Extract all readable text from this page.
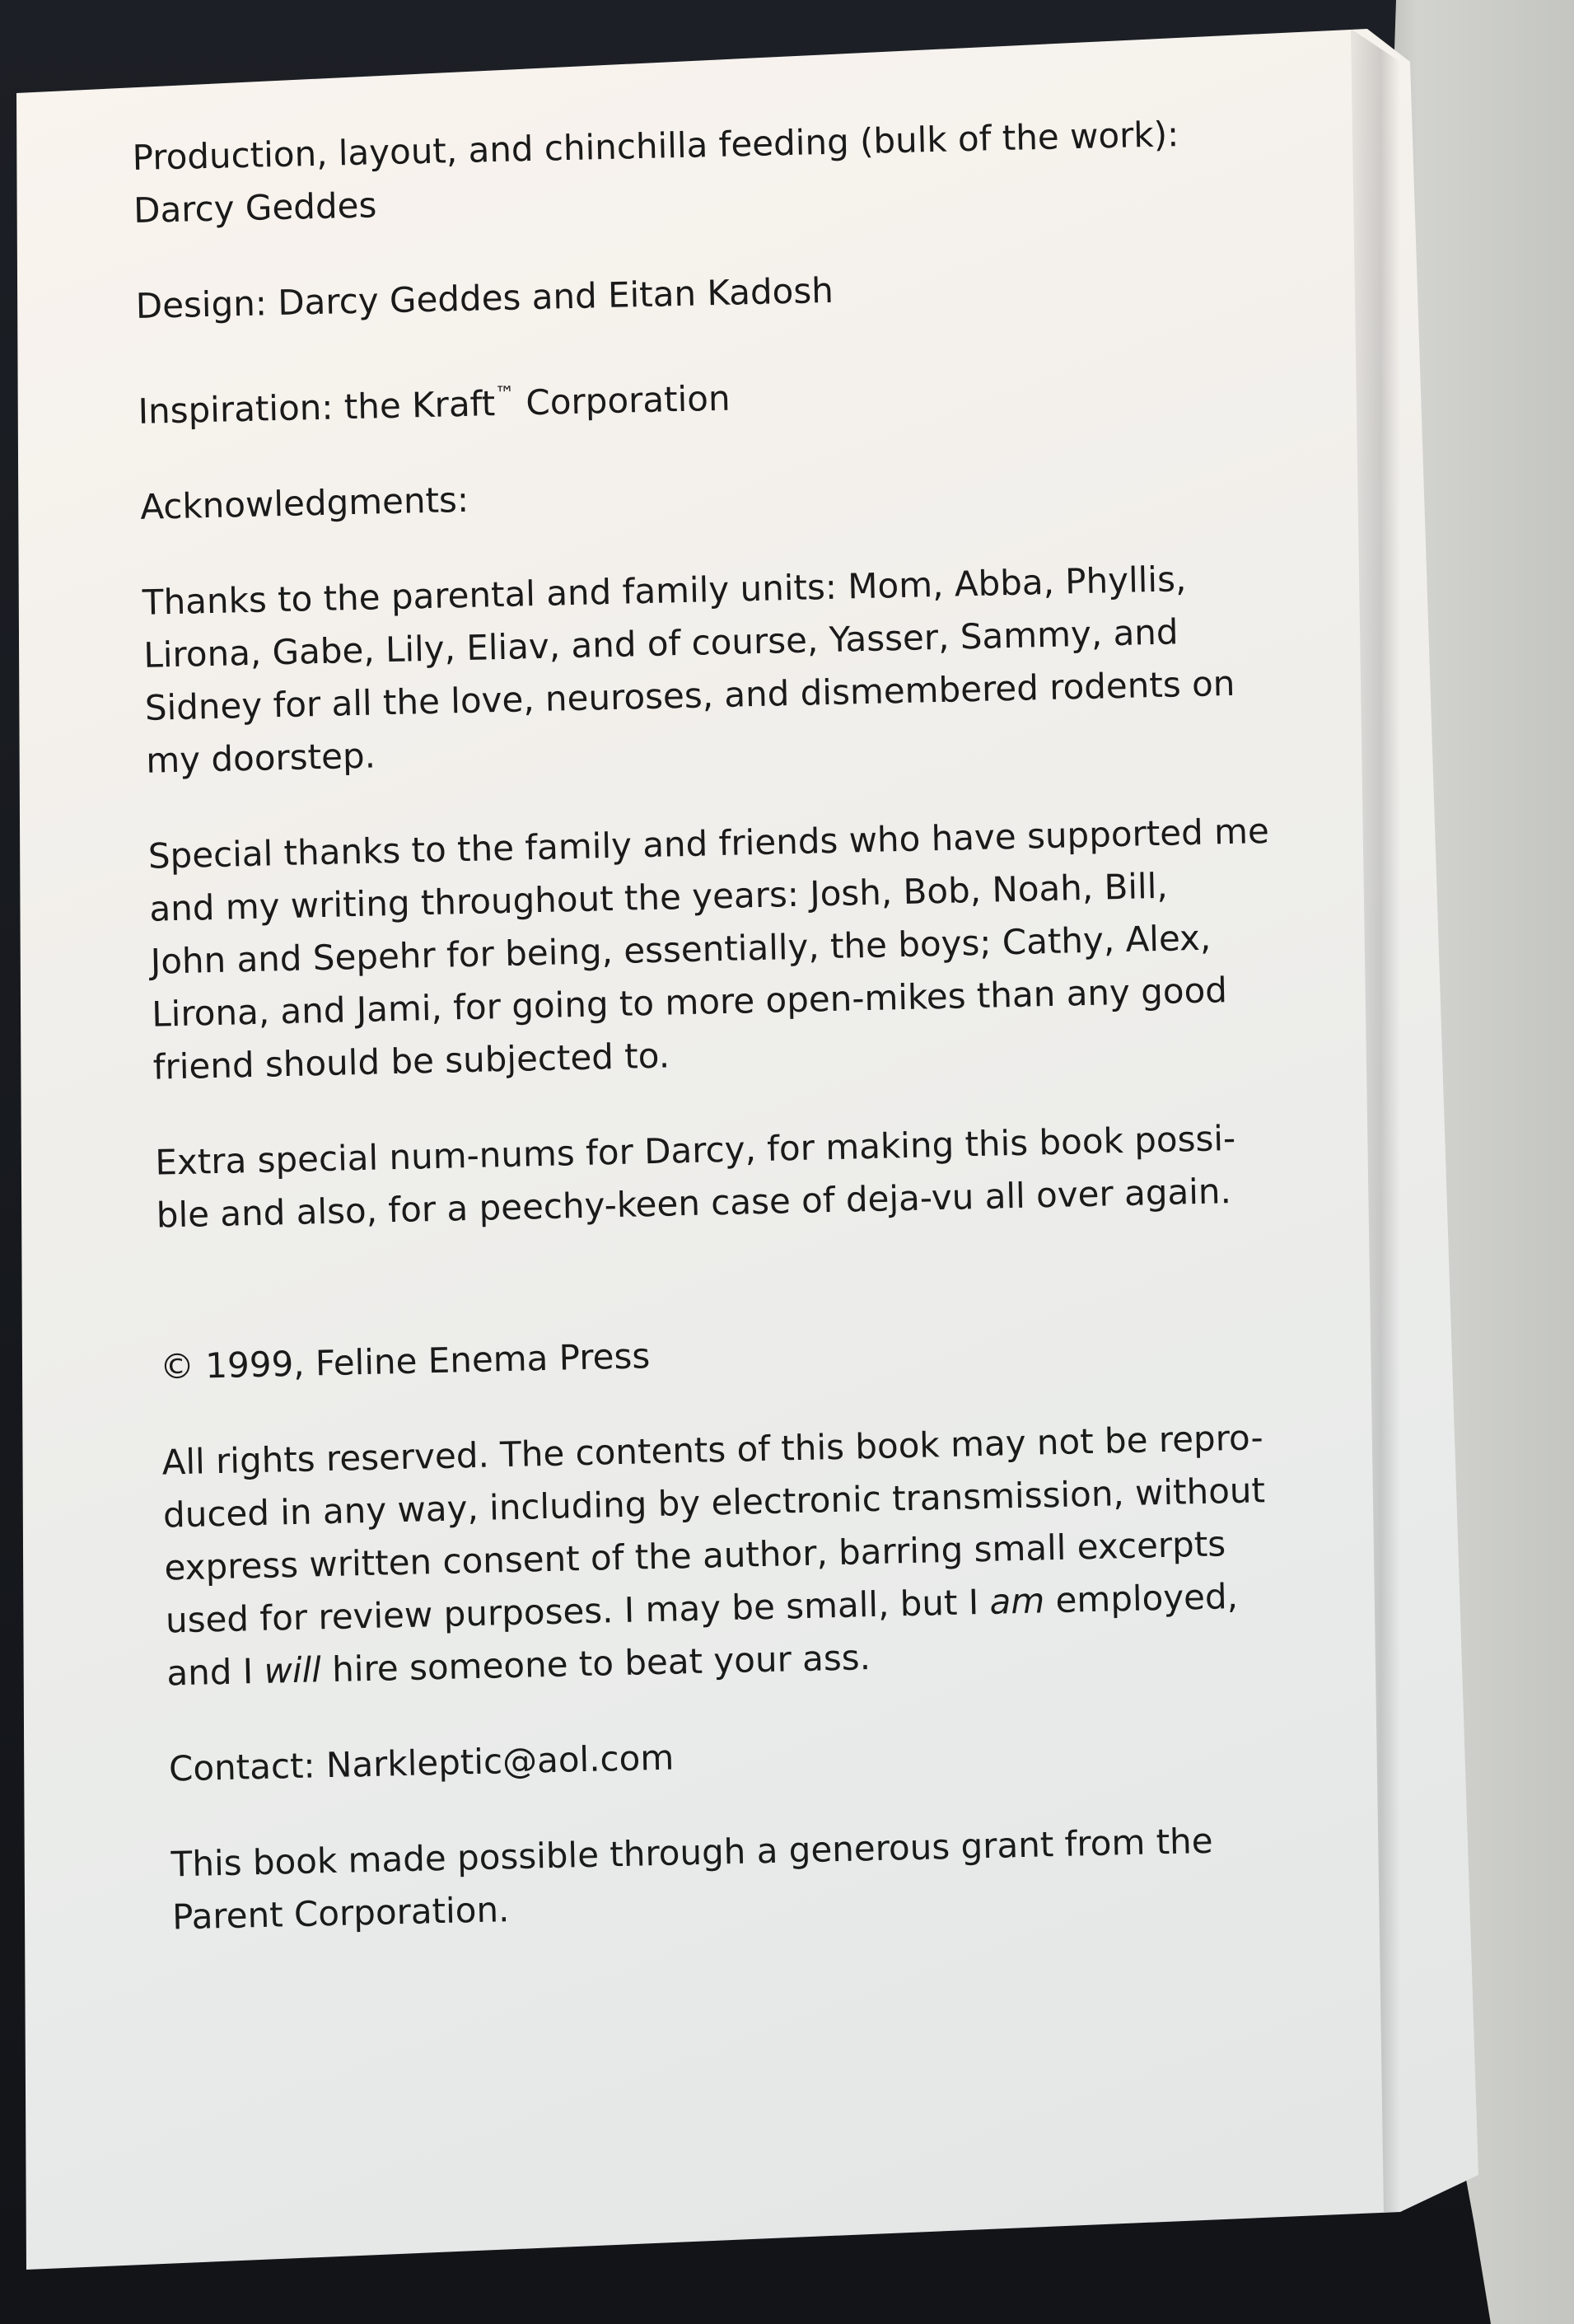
Production, layout, and chinchilla feeding (bulk of the work):
Darcy Geddes
Design: Darcy Geddes and Eitan Kadosh
Inspiration: the Kraft™ Corporation
Acknowledgments:
Thanks to the parental and family units: Mom, Abba, Phyllis,
Lirona, Gabe, Lily, Eliav, and of course, Yasser, Sammy, and
Sidney for all the love, neuroses, and dismembered rodents on
my doorstep.
Special thanks to the family and friends who have supported me
and my writing throughout the years: Josh, Bob, Noah, Bill,
John and Sepehr for being, essentially, the boys; Cathy, Alex,
Lirona, and Jami, for going to more open-mikes than any good
friend should be subjected to.
Extra special num-nums for Darcy, for making this book possi-
ble and also, for a peechy-keen case of deja-vu all over again.
© 1999, Feline Enema Press
All rights reserved. The contents of this book may not be repro-
duced in any way, including by electronic transmission, without
express written consent of the author, barring small excerpts
used for review purposes. I may be small, but I am employed,
and I will hire someone to beat your ass.
Contact: Narkleptic@aol.com
This book made possible through a generous grant from the
Parent Corporation.
